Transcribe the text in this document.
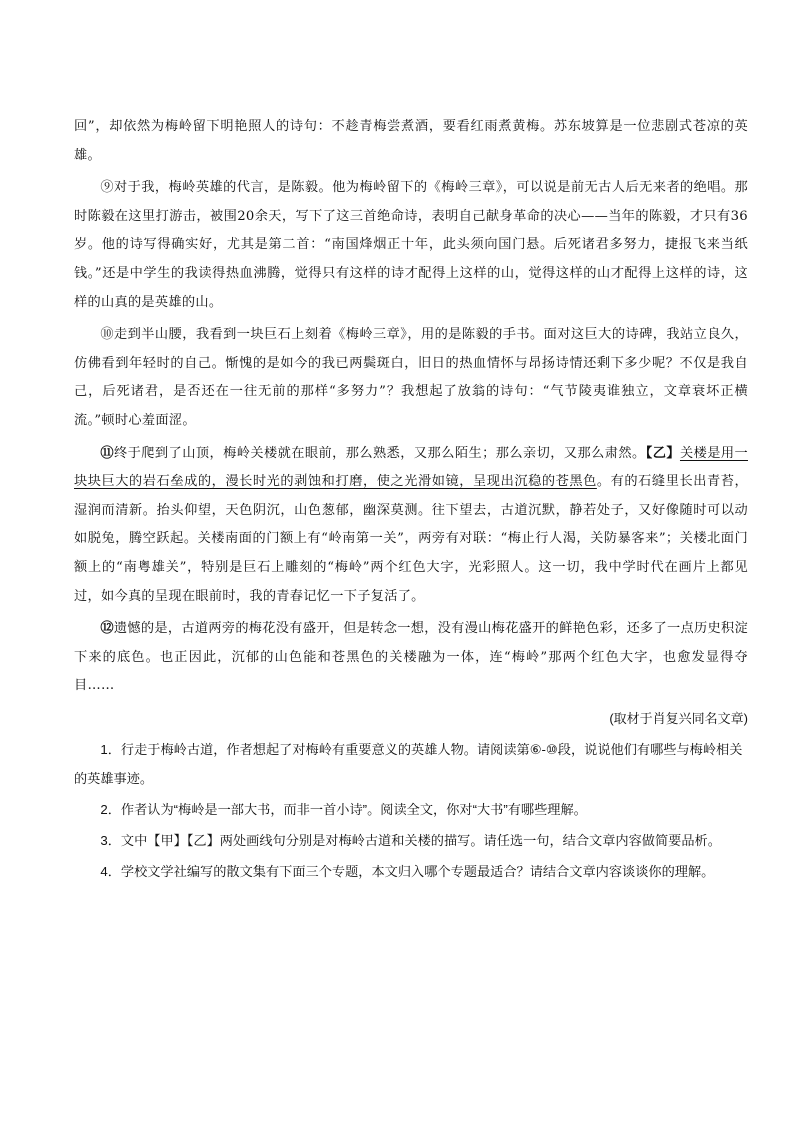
回”，却依然为梅岭留下明艳照人的诗句：不趁青梅尝煮酒，要看红雨煮黄梅。苏东坡算是一位悲剧式苍凉的英雄。

⑨对于我，梅岭英雄的代言，是陈毅。他为梅岭留下的《梅岭三章》，可以说是前无古人后无来者的绝唱。那时陈毅在这里打游击，被围20余天，写下了这三首绝命诗，表明自己献身革命的决心——当年的陈毅，才只有36岁。他的诗写得确实好，尤其是第二首：“南国烽烟正十年，此头须向国门悬。后死诸君多努力，捷报飞来当纸钱。”还是中学生的我读得热血沸腾，觉得只有这样的诗才配得上这样的山，觉得这样的山才配得上这样的诗，这样的山真的是英雄的山。

⑩走到半山腰，我看到一块巨石上刻着《梅岭三章》，用的是陈毅的手书。面对这巨大的诗碑，我站立良久，仿佛看到年轻时的自己。惭愧的是如今的我已两鬓斑白，旧日的热血情怀与昂扬诗情还剩下多少呢？不仅是我自己，后死诸君，是否还在一往无前的那样“多努力”？我想起了放翁的诗句：“气节陵夷谁独立，文章衰坏正横流。”顿时心羞面涩。

⑪终于爬到了山顶，梅岭关楼就在眼前，那么熟悉，又那么陌生；那么亲切，又那么肃然。【乙】关楼是用一块块巨大的岩石垒成的，漫长时光的剥蚀和打磨，使之光滑如镜，呈现出沉稳的苍黑色。有的石缝里长出青苔，湿润而清新。抬头仰望，天色阴沉，山色葱郁，幽深莫测。往下望去，古道沉默，静若处子，又好像随时可以动如脱兔，腾空跃起。关楼南面的门额上有“岭南第一关”，两旁有对联：“梅止行人渴，关防暴客来”；关楼北面门额上的“南粤雄关”，特别是巨石上雕刻的“梅岭”两个红色大字，光彩照人。这一切，我中学时代在画片上都见过，如今真的呈现在眼前时，我的青春记忆一下子复活了。

⑫遗憾的是，古道两旁的梅花没有盛开，但是转念一想，没有漫山梅花盛开的鲜艳色彩，还多了一点历史积淀下来的底色。也正因此，沉郁的山色能和苍黑色的关楼融为一体，连“梅岭”那两个红色大字，也愈发显得夺目……

(取材于肖复兴同名文章)

1．行走于梅岭古道，作者想起了对梅岭有重要意义的英雄人物。请阅读第⑥-⑩段，说说他们有哪些与梅岭相关的英雄事迹。

2．作者认为“梅岭是一部大书，而非一首小诗”。阅读全文，你对“大书”有哪些理解。

3．文中【甲】【乙】两处画线句分别是对梅岭古道和关楼的描写。请任选一句，结合文章内容做简要品析。

4．学校文学社编写的散文集有下面三个专题，本文归入哪个专题最适合？请结合文章内容谈谈你的理解。
